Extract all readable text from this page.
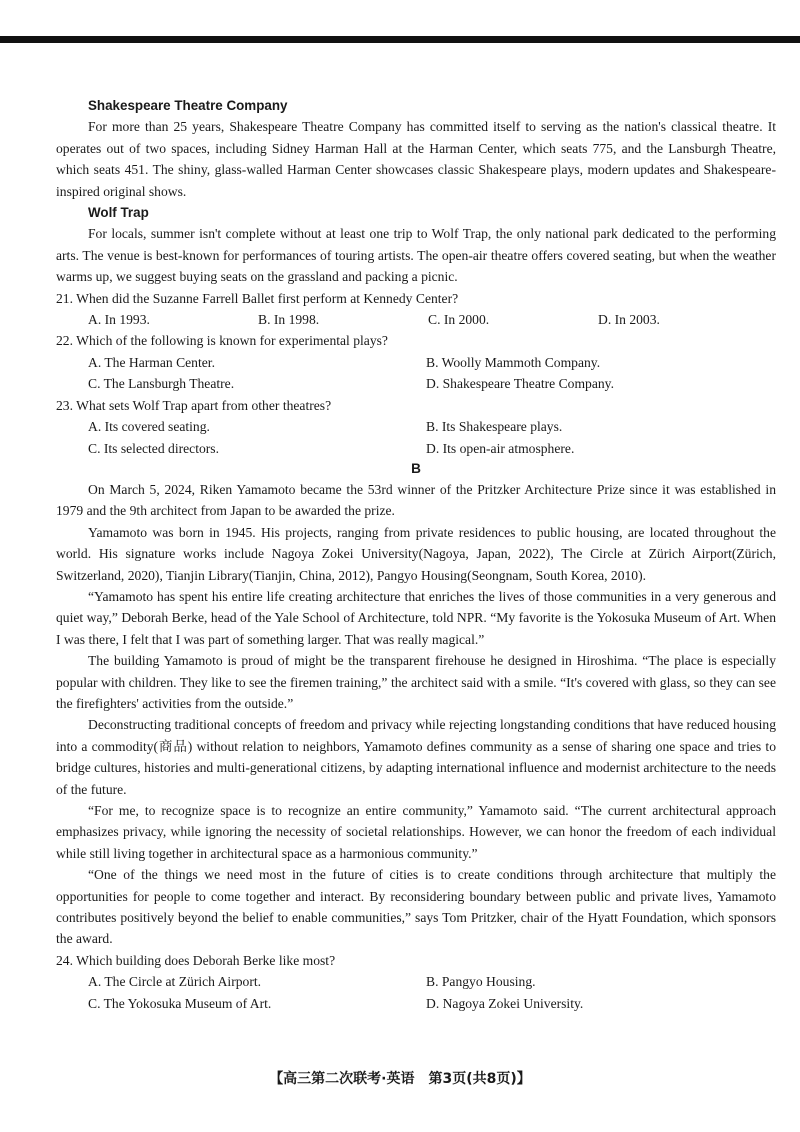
Shakespeare Theatre Company

For more than 25 years, Shakespeare Theatre Company has committed itself to serving as the nation's classical theatre. It operates out of two spaces, including Sidney Harman Hall at the Harman Center, which seats 775, and the Lansburgh Theatre, which seats 451. The shiny, glass-walled Harman Center showcases classic Shakespeare plays, modern updates and Shakespeare-inspired original shows.

Wolf Trap

For locals, summer isn't complete without at least one trip to Wolf Trap, the only national park dedicated to the performing arts. The venue is best-known for performances of touring artists. The open-air theatre offers covered seating, but when the weather warms up, we suggest buying seats on the grassland and packing a picnic.

21. When did the Suzanne Farrell Ballet first perform at Kennedy Center?

A. In 1993.	B. In 1998.	C. In 2000.	D. In 2003.

22. Which of the following is known for experimental plays?

A. The Harman Center.	B. Woolly Mammoth Company.
C. The Lansburgh Theatre.	D. Shakespeare Theatre Company.

23. What sets Wolf Trap apart from other theatres?

A. Its covered seating.	B. Its Shakespeare plays.
C. Its selected directors.	D. Its open-air atmosphere.
B

On March 5, 2024, Riken Yamamoto became the 53rd winner of the Pritzker Architecture Prize since it was established in 1979 and the 9th architect from Japan to be awarded the prize.

Yamamoto was born in 1945. His projects, ranging from private residences to public housing, are located throughout the world. His signature works include Nagoya Zokei University(Nagoya, Japan, 2022), The Circle at Zürich Airport(Zürich, Switzerland, 2020), Tianjin Library(Tianjin, China, 2012), Pangyo Housing(Seongnam, South Korea, 2010).

“Yamamoto has spent his entire life creating architecture that enriches the lives of those communities in a very generous and quiet way,” Deborah Berke, head of the Yale School of Architecture, told NPR. “My favorite is the Yokosuka Museum of Art. When I was there, I felt that I was part of something larger. That was really magical.”

The building Yamamoto is proud of might be the transparent firehouse he designed in Hiroshima. “The place is especially popular with children. They like to see the firemen training,” the architect said with a smile. “It's covered with glass, so they can see the firefighters' activities from the outside.”

Deconstructing traditional concepts of freedom and privacy while rejecting longstanding conditions that have reduced housing into a commodity(商品) without relation to neighbors, Yamamoto defines community as a sense of sharing one space and tries to bridge cultures, histories and multi-generational citizens, by adapting international influence and modernist architecture to the needs of the future.

“For me, to recognize space is to recognize an entire community,” Yamamoto said. “The current architectural approach emphasizes privacy, while ignoring the necessity of societal relationships. However, we can honor the freedom of each individual while still living together in architectural space as a harmonious community.”

“One of the things we need most in the future of cities is to create conditions through architecture that multiply the opportunities for people to come together and interact. By reconsidering boundary between public and private lives, Yamamoto contributes positively beyond the belief to enable communities,” says Tom Pritzker, chair of the Hyatt Foundation, which sponsors the award.

24. Which building does Deborah Berke like most?

A. The Circle at Zürich Airport.	B. Pangyo Housing.
C. The Yokosuka Museum of Art.	D. Nagoya Zokei University.
【高三第二次联考·英语　第3页(共8页)】
